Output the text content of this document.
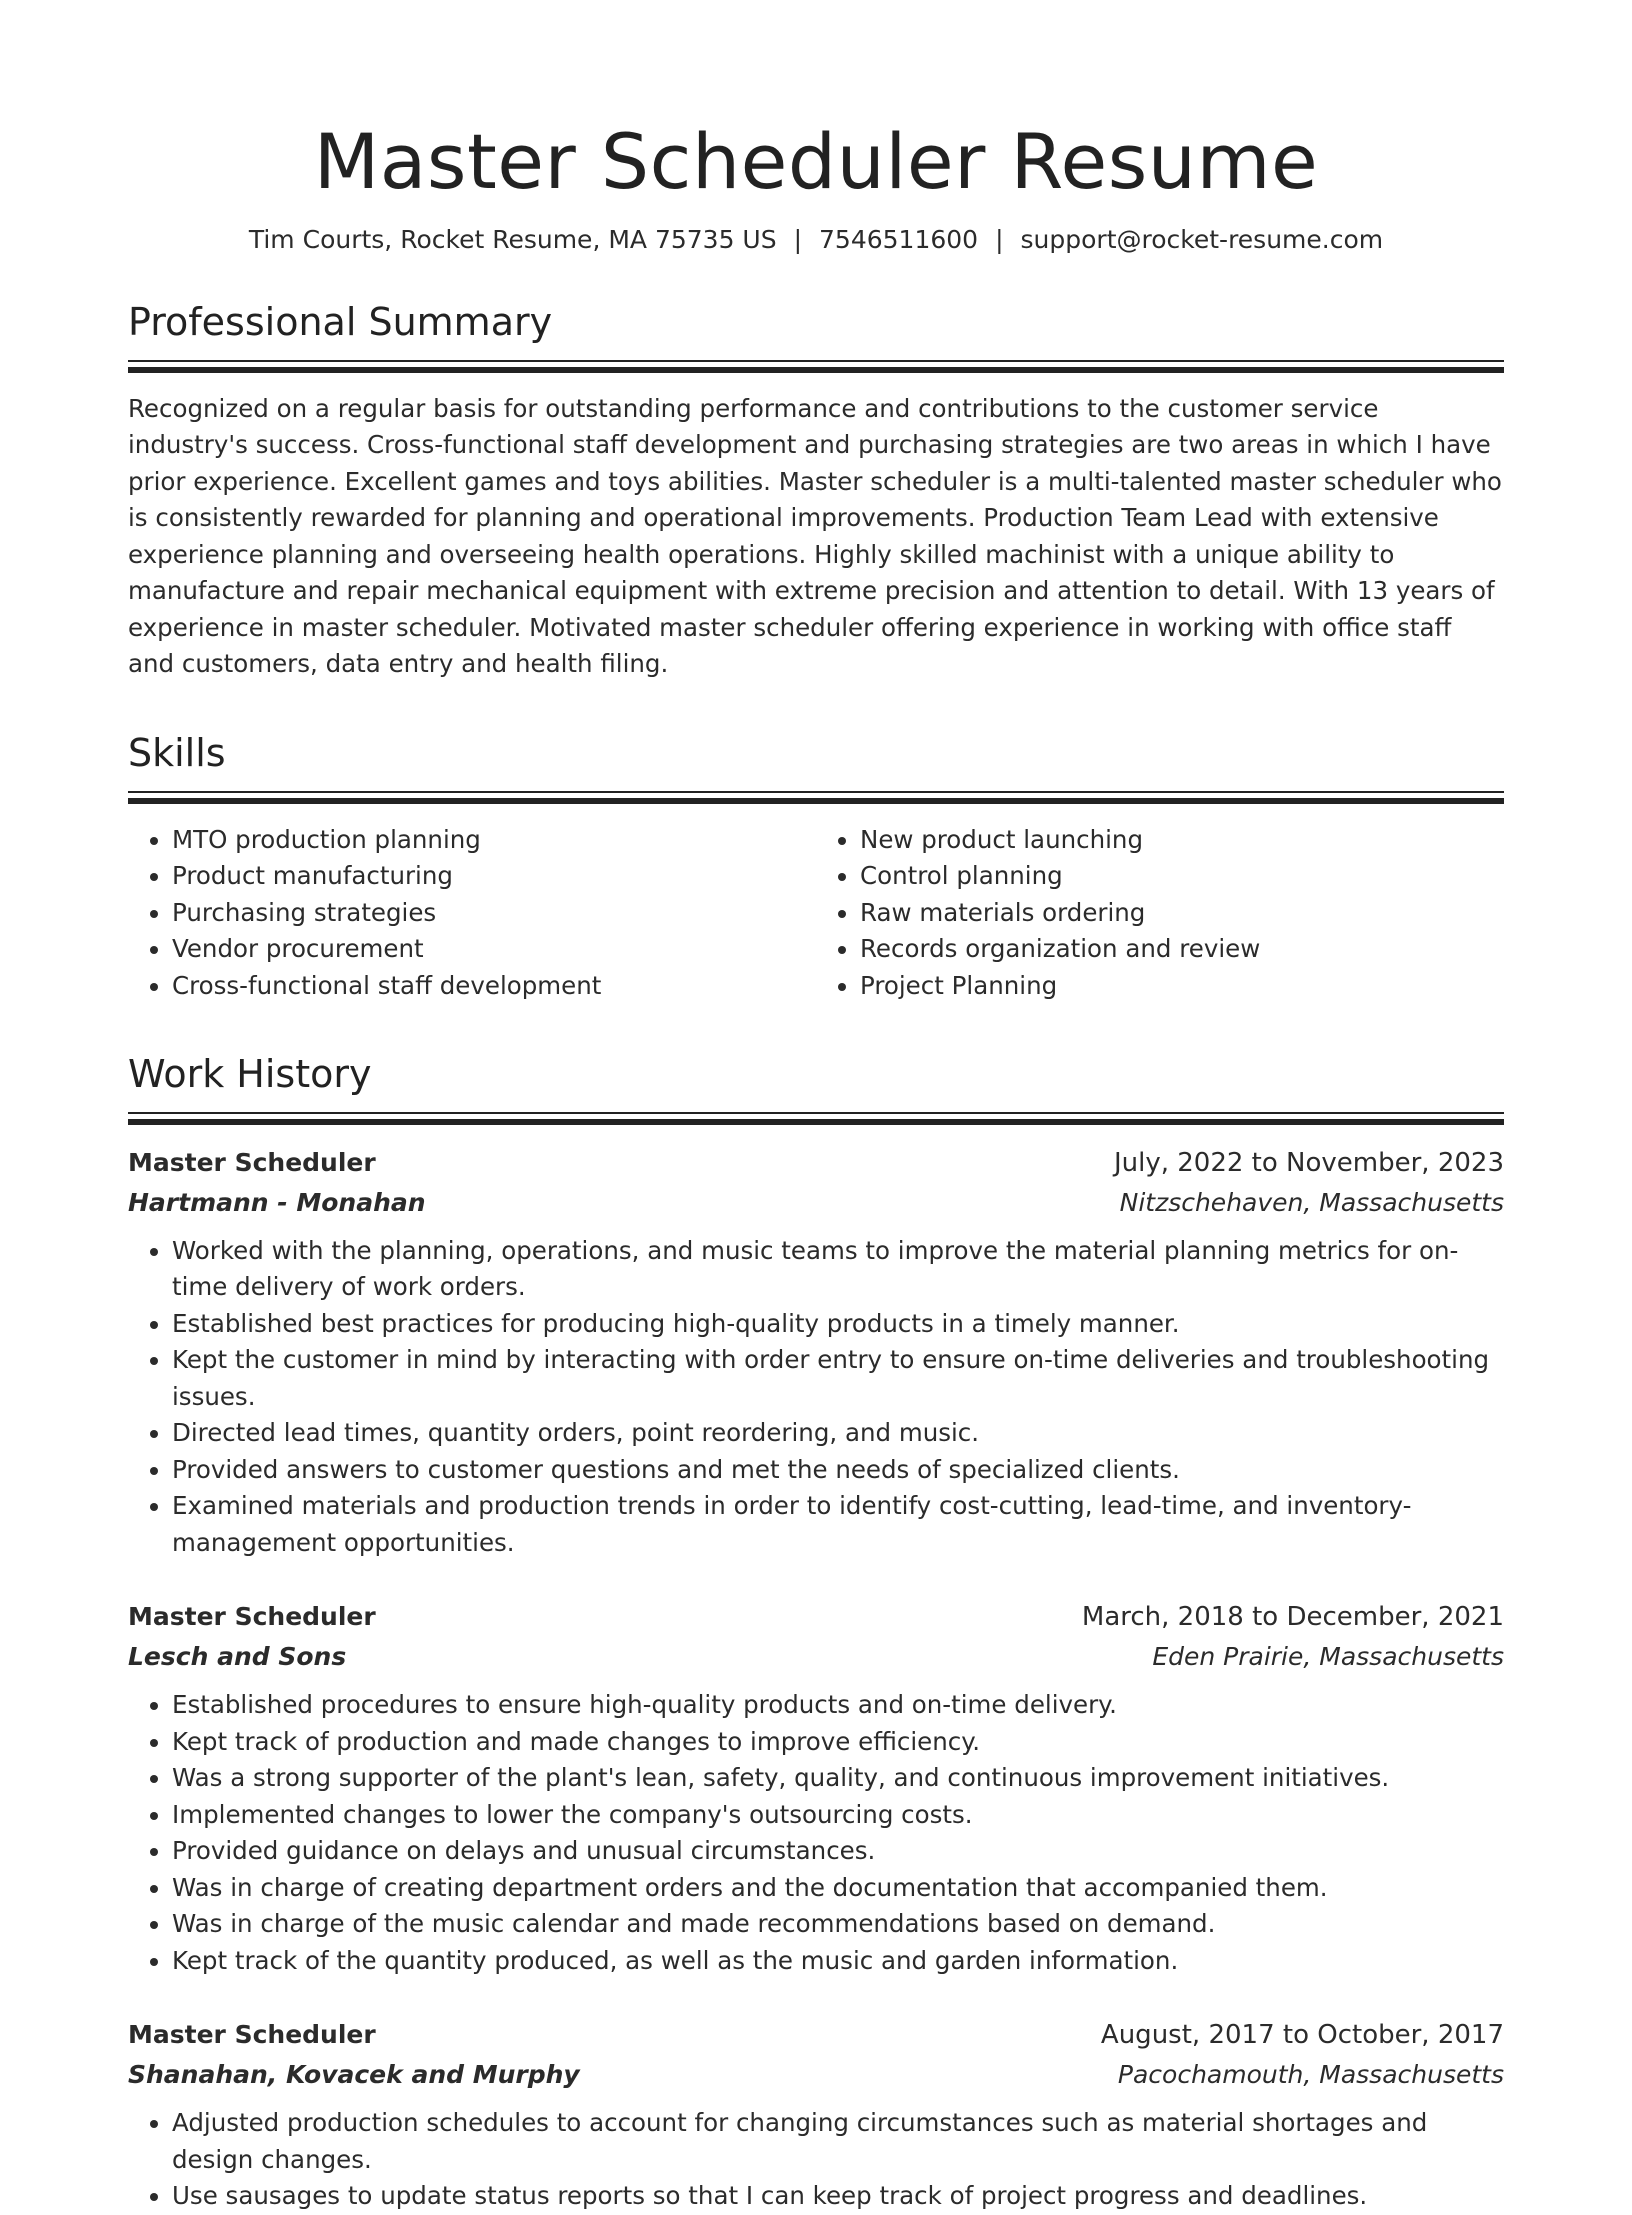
Master Scheduler Resume
Tim Courts, Rocket Resume, MA 75735 US | 7546511600 | support@rocket-resume.com
Professional Summary

Recognized on a regular basis for outstanding performance and contributions to the customer service industry's success. Cross-functional staff development and purchasing strategies are two areas in which I have prior experience. Excellent games and toys abilities. Master scheduler is a multi-talented master scheduler who is consistently rewarded for planning and operational improvements. Production Team Lead with extensive experience planning and overseeing health operations. Highly skilled machinist with a unique ability to manufacture and repair mechanical equipment with extreme precision and attention to detail. With 13 years of experience in master scheduler. Motivated master scheduler offering experience in working with office staff and customers, data entry and health filing.

Skills
• MTO production planning
• Product manufacturing
• Purchasing strategies
• Vendor procurement
• Cross-functional staff development
• New product launching
• Control planning
• Raw materials ordering
• Records organization and review
• Project Planning
Work History
Master Scheduler	July, 2022 to November, 2023
Hartmann - Monahan	Nitzschehaven, Massachusetts
• Worked with the planning, operations, and music teams to improve the material planning metrics for on-time delivery of work orders.
• Established best practices for producing high-quality products in a timely manner.
• Kept the customer in mind by interacting with order entry to ensure on-time deliveries and troubleshooting issues.
• Directed lead times, quantity orders, point reordering, and music.
• Provided answers to customer questions and met the needs of specialized clients.
• Examined materials and production trends in order to identify cost-cutting, lead-time, and inventory-management opportunities.
Master Scheduler	March, 2018 to December, 2021
Lesch and Sons	Eden Prairie, Massachusetts
• Established procedures to ensure high-quality products and on-time delivery.
• Kept track of production and made changes to improve efficiency.
• Was a strong supporter of the plant's lean, safety, quality, and continuous improvement initiatives.
• Implemented changes to lower the company's outsourcing costs.
• Provided guidance on delays and unusual circumstances.
• Was in charge of creating department orders and the documentation that accompanied them.
• Was in charge of the music calendar and made recommendations based on demand.
• Kept track of the quantity produced, as well as the music and garden information.
Master Scheduler	August, 2017 to October, 2017
Shanahan, Kovacek and Murphy	Pacochamouth, Massachusetts
• Adjusted production schedules to account for changing circumstances such as material shortages and design changes.
• Use sausages to update status reports so that I can keep track of project progress and deadlines.
